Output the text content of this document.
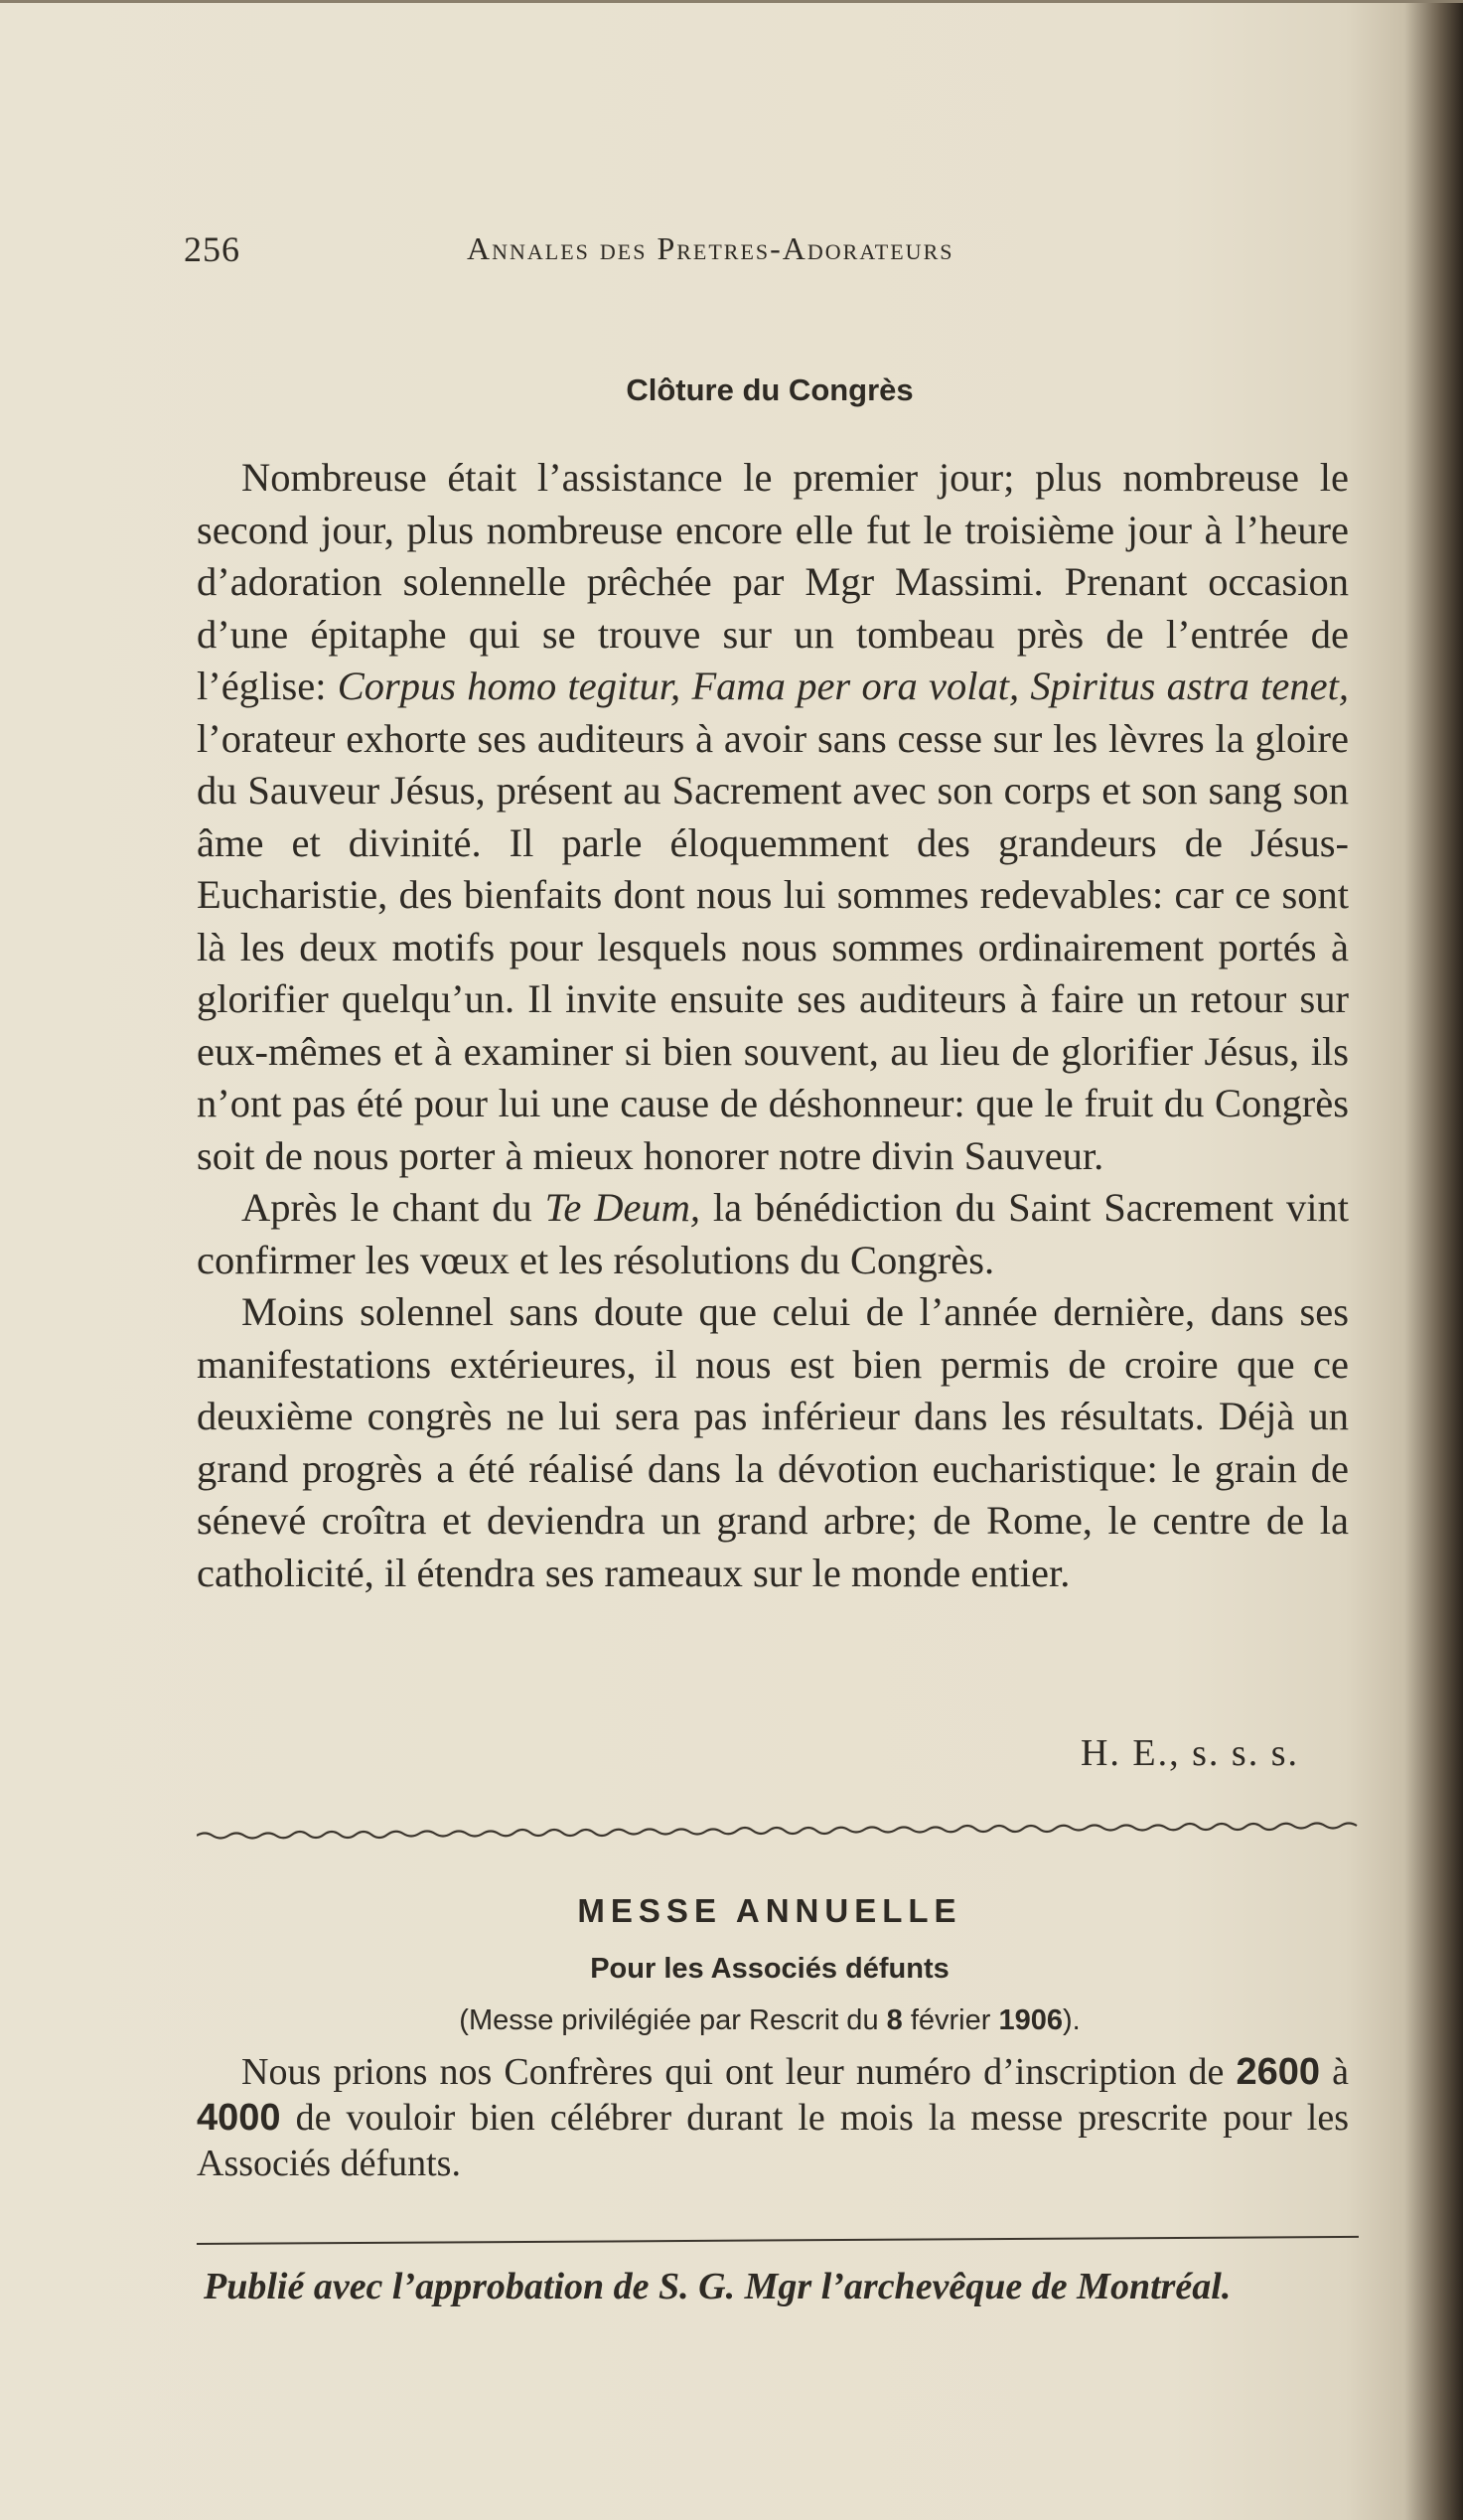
256	Annales des Pretres-Adorateurs
Clôture du Congrès

Nombreuse était l’assistance le premier jour; plus nombreuse le second jour, plus nombreuse encore elle fut le troisième jour à l’heure d’adoration solennelle prêchée par Mgr Massimi. Prenant occasion d’une épitaphe qui se trouve sur un tombeau près de l’entrée de l’église: Corpus homo tegitur, Fama per ora volat, Spiritus astra tenet, l’orateur exhorte ses auditeurs à avoir sans cesse sur les lèvres la gloire du Sauveur Jésus, présent au Sacrement avec son corps et son sang son âme et divinité. Il parle éloquemment des grandeurs de Jésus-Eucharistie, des bienfaits dont nous lui sommes redevables: car ce sont là les deux motifs pour lesquels nous sommes ordinairement portés à glorifier quelqu’un. Il invite ensuite ses auditeurs à faire un retour sur eux-mêmes et à examiner si bien souvent, au lieu de glorifier Jésus, ils n’ont pas été pour lui une cause de déshonneur: que le fruit du Congrès soit de nous porter à mieux honorer notre divin Sauveur.

Après le chant du Te Deum, la bénédiction du Saint Sacrement vint confirmer les vœux et les résolutions du Congrès.

Moins solennel sans doute que celui de l’année dernière, dans ses manifestations extérieures, il nous est bien permis de croire que ce deuxième congrès ne lui sera pas inférieur dans les résultats. Déjà un grand progrès a été réalisé dans la dévotion eucharistique: le grain de sénevé croîtra et deviendra un grand arbre; de Rome, le centre de la catholicité, il étendra ses rameaux sur le monde entier.

H. E., s. s. s.
MESSE ANNUELLE
Pour les Associés défunts
(Messe privilégiée par Rescrit du 8 février 1906).

Nous prions nos Confrères qui ont leur numéro d’inscription de 2600 à 4000 de vouloir bien célébrer durant le mois la messe prescrite pour les Associés défunts.

Publié avec l’approbation de S. G. Mgr l’archevêque de Montréal.
